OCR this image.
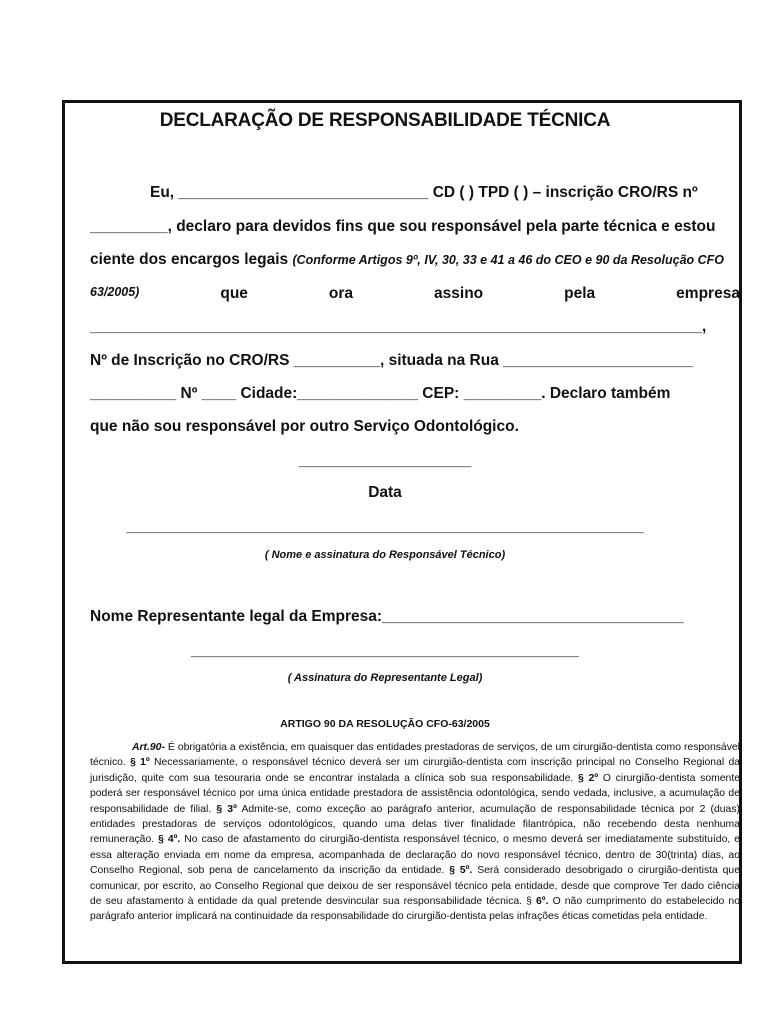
DECLARAÇÃO DE RESPONSABILIDADE TÉCNICA
Eu, _____________________________ CD ( ) TPD ( ) – inscrição CRO/RS nº
_________, declaro para devidos fins que sou responsável pela parte técnica e estou
ciente dos encargos legais (Conforme Artigos 9º, IV, 30, 33 e 41 a 46 do CEO e 90 da Resolução CFO
63/2005)	que	ora	assino	pela	empresa
_______________________________________________________________________,
Nº de Inscrição no CRO/RS __________, situada na Rua ______________________
__________ Nº ____ Cidade:______________ CEP: _________. Declaro também
que não sou responsável por outro Serviço Odontológico.
____________________
Data
____________________________________________________________
( Nome e assinatura do Responsável Técnico)
Nome Representante legal da Empresa:___________________________________
_____________________________________________
( Assinatura do Representante Legal)
ARTIGO 90 DA RESOLUÇÃO CFO-63/2005
Art.90- É obrigatória a existência, em quaisquer das entidades prestadoras de serviços, de um cirurgião-dentista como responsável técnico. § 1º Necessariamente, o responsável técnico deverá ser um cirurgião-dentista com inscrição principal no Conselho Regional da jurisdição, quite com sua tesouraria onde se encontrar instalada a clínica sob sua responsabilidade. § 2º O cirurgião-dentista somente poderá ser responsável técnico por uma única entidade prestadora de assistência odontológica, sendo vedada, inclusive, a acumulação de responsabilidade de filial. § 3º Admite-se, como exceção ao parágrafo anterior, acumulação de responsabilidade técnica por 2 (duas) entidades prestadoras de serviços odontológicos, quando uma delas tiver finalidade filantrópica, não recebendo desta nenhuma remuneração. § 4º. No caso de afastamento do cirurgião-dentista responsável técnico, o mesmo deverá ser imediatamente substituído, e essa alteração enviada em nome da empresa, acompanhada de declaração do novo responsável técnico, dentro de 30(trinta) dias, ao Conselho Regional, sob pena de cancelamento da inscrição da entidade. § 5º. Será considerado desobrigado o cirurgião-dentista que comunicar, por escrito, ao Conselho Regional que deixou de ser responsável técnico pela entidade, desde que comprove Ter dado ciência de seu afastamento à entidade da qual pretende desvincular sua responsabilidade técnica. § 6º. O não cumprimento do estabelecido no parágrafo anterior implicará na continuidade da responsabilidade do cirurgião-dentista pelas infrações éticas cometidas pela entidade.
